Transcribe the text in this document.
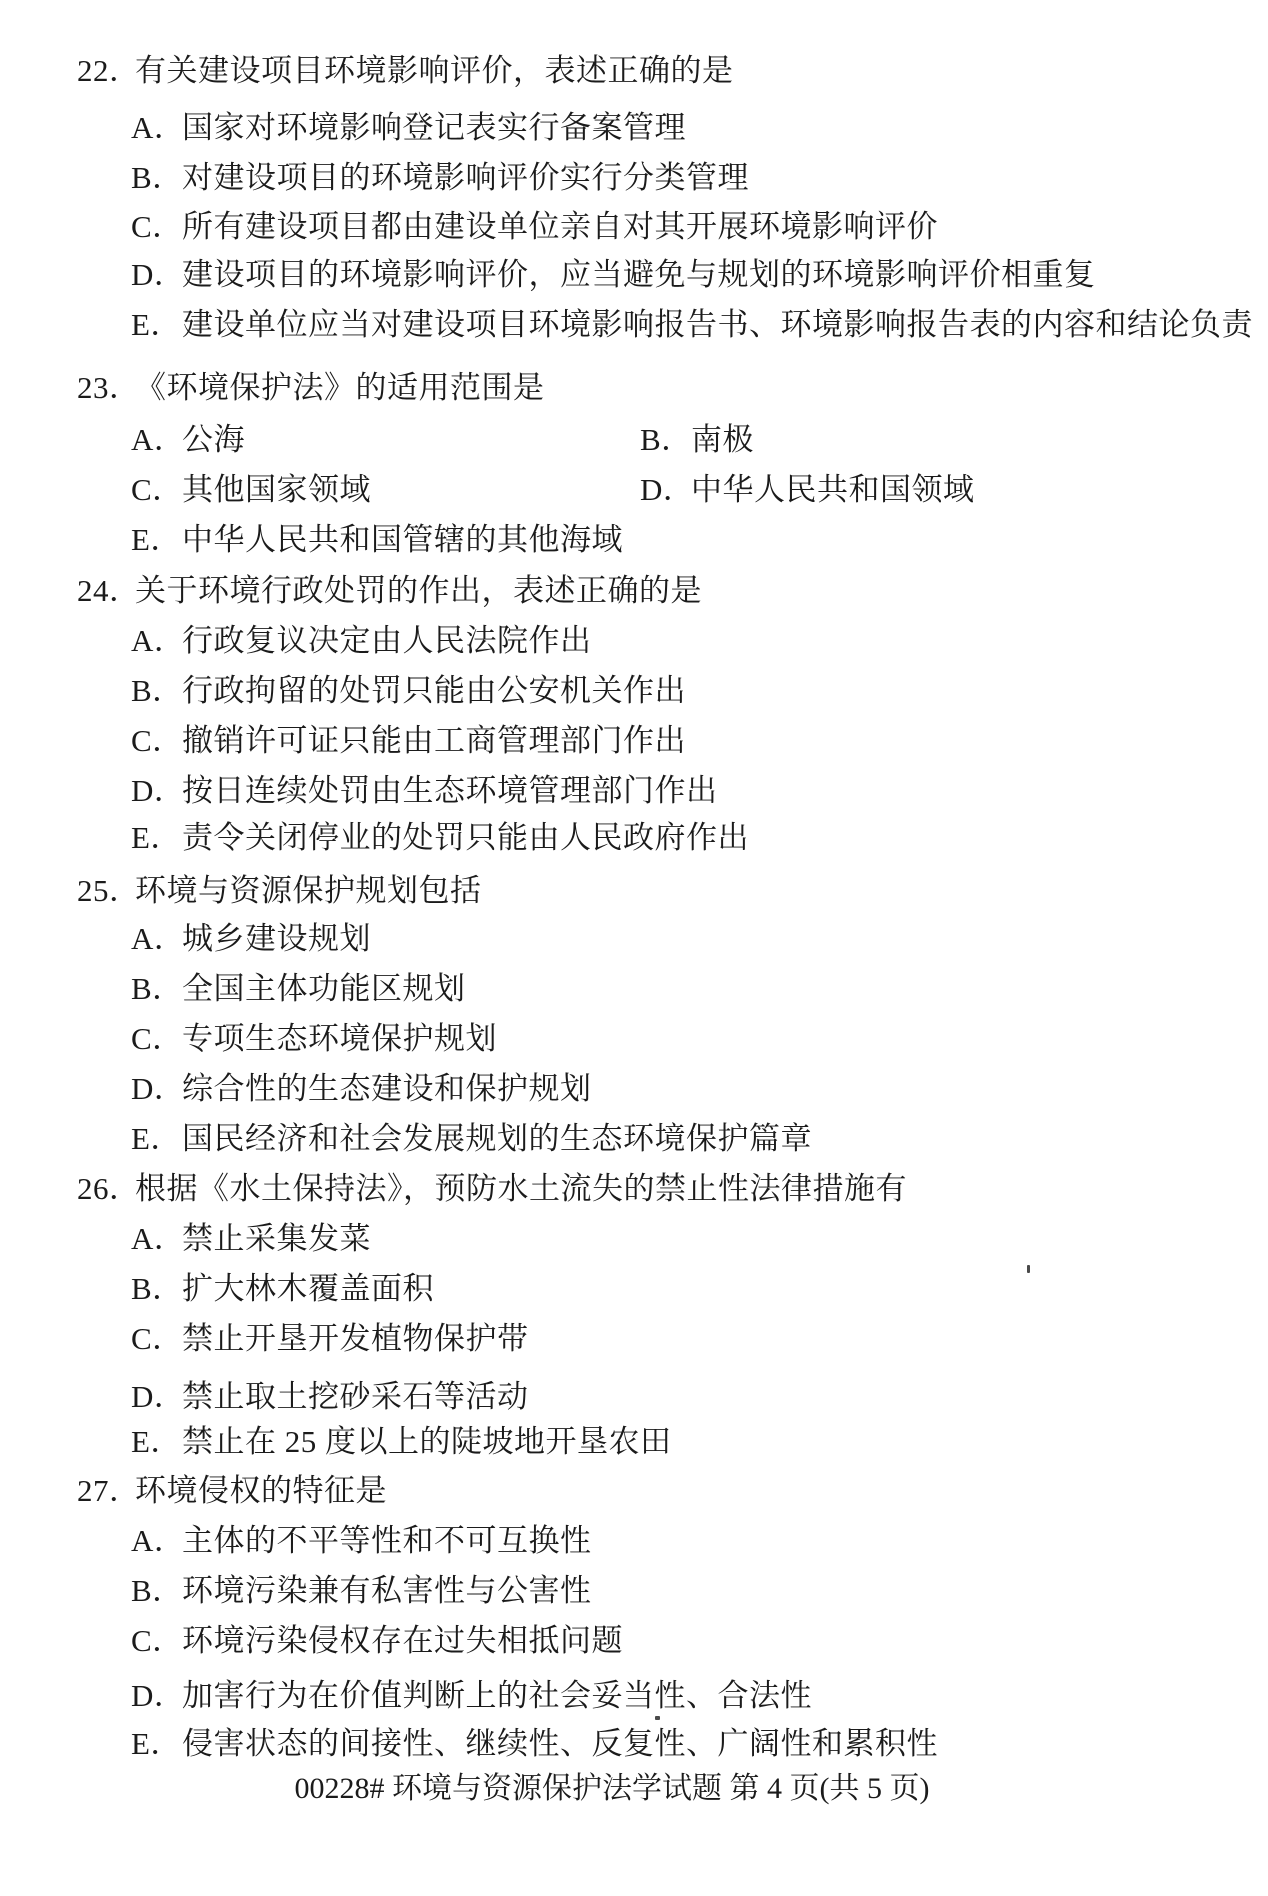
22．有关建设项目环境影响评价，表述正确的是
A．国家对环境影响登记表实行备案管理
B．对建设项目的环境影响评价实行分类管理
C．所有建设项目都由建设单位亲自对其开展环境影响评价
D．建设项目的环境影响评价，应当避免与规划的环境影响评价相重复
E．建设单位应当对建设项目环境影响报告书、环境影响报告表的内容和结论负责
23．《环境保护法》的适用范围是
A．公海	B．南极
C．其他国家领域	D．中华人民共和国领域
E．中华人民共和国管辖的其他海域
24．关于环境行政处罚的作出，表述正确的是
A．行政复议决定由人民法院作出
B．行政拘留的处罚只能由公安机关作出
C．撤销许可证只能由工商管理部门作出
D．按日连续处罚由生态环境管理部门作出
E．责令关闭停业的处罚只能由人民政府作出
25．环境与资源保护规划包括
A．城乡建设规划
B．全国主体功能区规划
C．专项生态环境保护规划
D．综合性的生态建设和保护规划
E．国民经济和社会发展规划的生态环境保护篇章
26．根据《水土保持法》，预防水土流失的禁止性法律措施有
A．禁止采集发菜
B．扩大林木覆盖面积
C．禁止开垦开发植物保护带
D．禁止取土挖砂采石等活动
E．禁止在 25 度以上的陡坡地开垦农田
27．环境侵权的特征是
A．主体的不平等性和不可互换性
B．环境污染兼有私害性与公害性
C．环境污染侵权存在过失相抵问题
D．加害行为在价值判断上的社会妥当性、合法性
E．侵害状态的间接性、继续性、反复性、广阔性和累积性
00228# 环境与资源保护法学试题 第 4 页(共 5 页)
